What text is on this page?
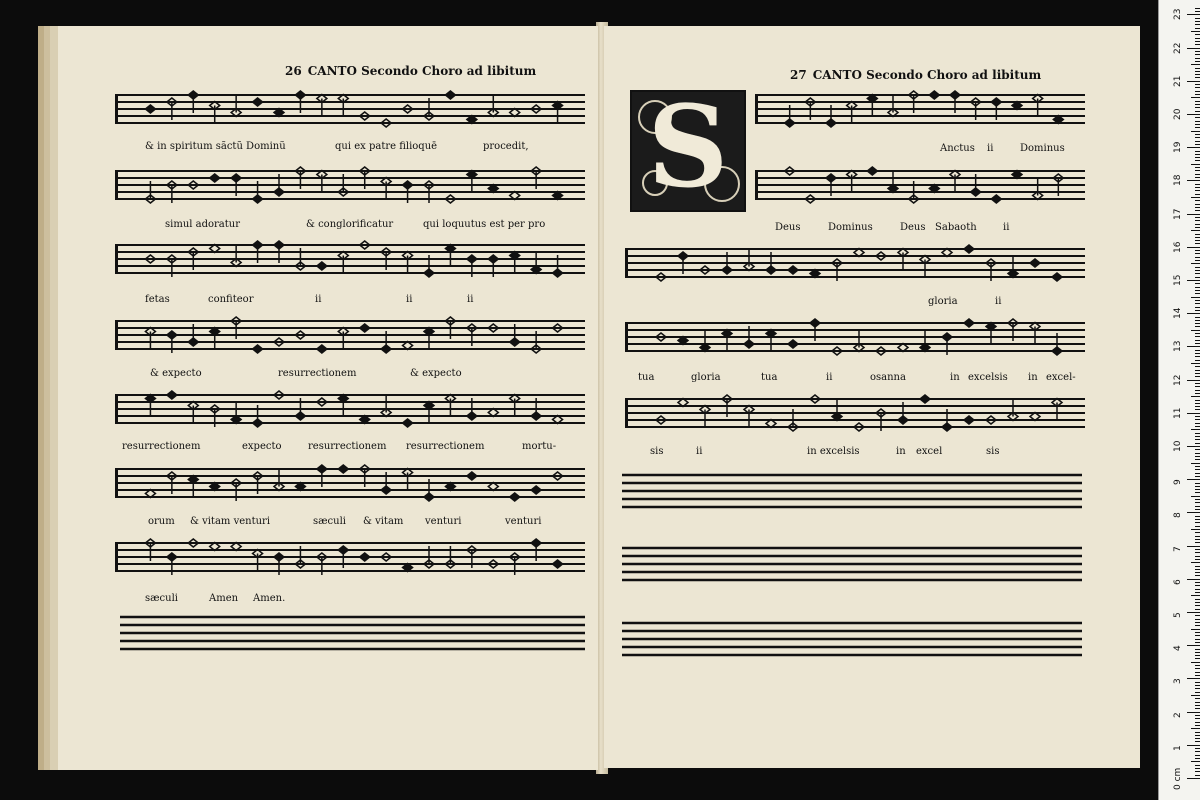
26 CANTO Secondo Choro ad libitum
& in spiritum sãctũ Dominũ	qui ex patre filioquē	procedit,
simul adoratur	& conglorificatur	qui loquutus est per pro
fetas	confiteor	ii	ii	ii
& expecto	resurrectionem	& expecto
resurrectionem	expecto	resurrectionem resurrectionem	mortu-
orum & vitam venturi	sæculi & vitam venturi	venturi
sæculi	Amen Amen.
27 CANTO Secondo Choro ad libitum
S	Anctus ii	Dominus
Deus	Dominus	Deus Sabaoth	ii
gloria	ii
tua	gloria	tua	ii	osanna	in excelsis in excel-
sis	ii	in excelsis	in excel	sis
0 cm
1
2
3
4
5
6
7
8
9
10
11
12
13
14
15
16
17
18
19
20
21
22
23
